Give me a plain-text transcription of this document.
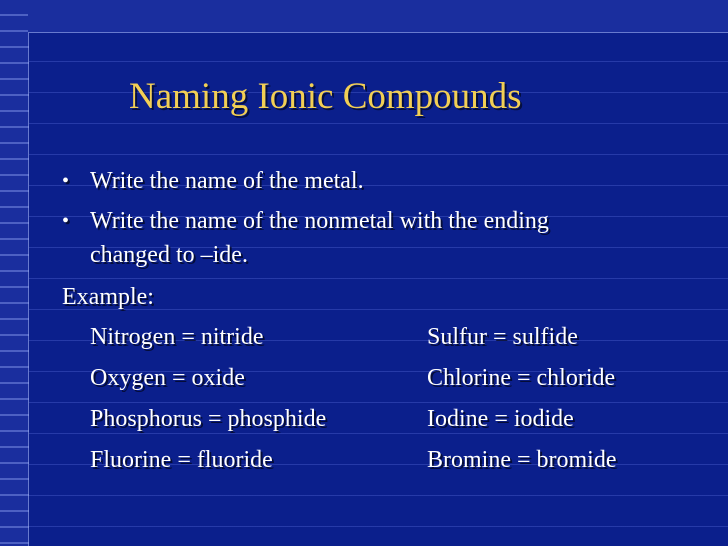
Naming Ionic Compounds
• Write the name of the metal.
• Write the name of the nonmetal with the ending
changed to –ide.
Example:
Nitrogen = nitride	Sulfur = sulfide
Oxygen = oxide	Chlorine = chloride
Phosphorus = phosphide	Iodine = iodide
Fluorine = fluoride	Bromine = bromide
